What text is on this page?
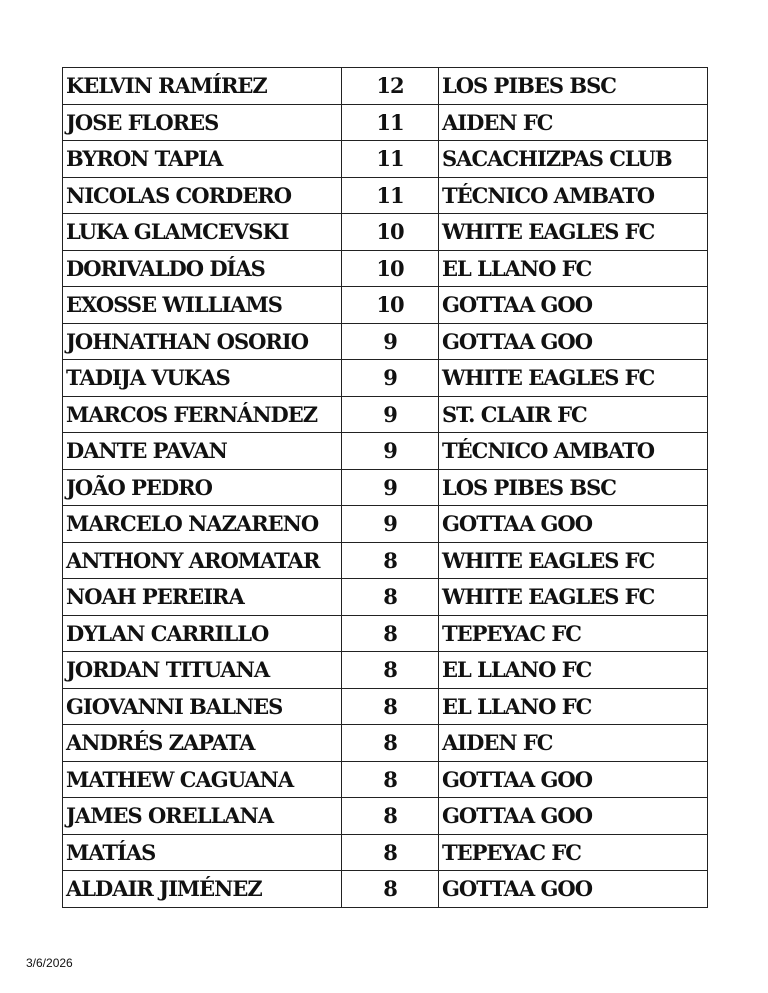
KELVIN RAMÍREZ	12	LOS PIBES BSC
JOSE FLORES	11	AIDEN FC
BYRON TAPIA	11	SACACHIZPAS CLUB
NICOLAS CORDERO	11	TÉCNICO AMBATO
LUKA GLAMCEVSKI	10	WHITE EAGLES FC
DORIVALDO DÍAS	10	EL LLANO FC
EXOSSE WILLIAMS	10	GOTTAA GOO
JOHNATHAN OSORIO	9	GOTTAA GOO
TADIJA VUKAS	9	WHITE EAGLES FC
MARCOS FERNÁNDEZ	9	ST. CLAIR FC
DANTE PAVAN	9	TÉCNICO AMBATO
JOÃO PEDRO	9	LOS PIBES BSC
MARCELO NAZARENO	9	GOTTAA GOO
ANTHONY AROMATAR	8	WHITE EAGLES FC
NOAH PEREIRA	8	WHITE EAGLES FC
DYLAN CARRILLO	8	TEPEYAC FC
JORDAN TITUANA	8	EL LLANO FC
GIOVANNI BALNES	8	EL LLANO FC
ANDRÉS ZAPATA	8	AIDEN FC
MATHEW CAGUANA	8	GOTTAA GOO
JAMES ORELLANA	8	GOTTAA GOO
MATÍAS	8	TEPEYAC FC
ALDAIR JIMÉNEZ	8	GOTTAA GOO
3/6/2026
